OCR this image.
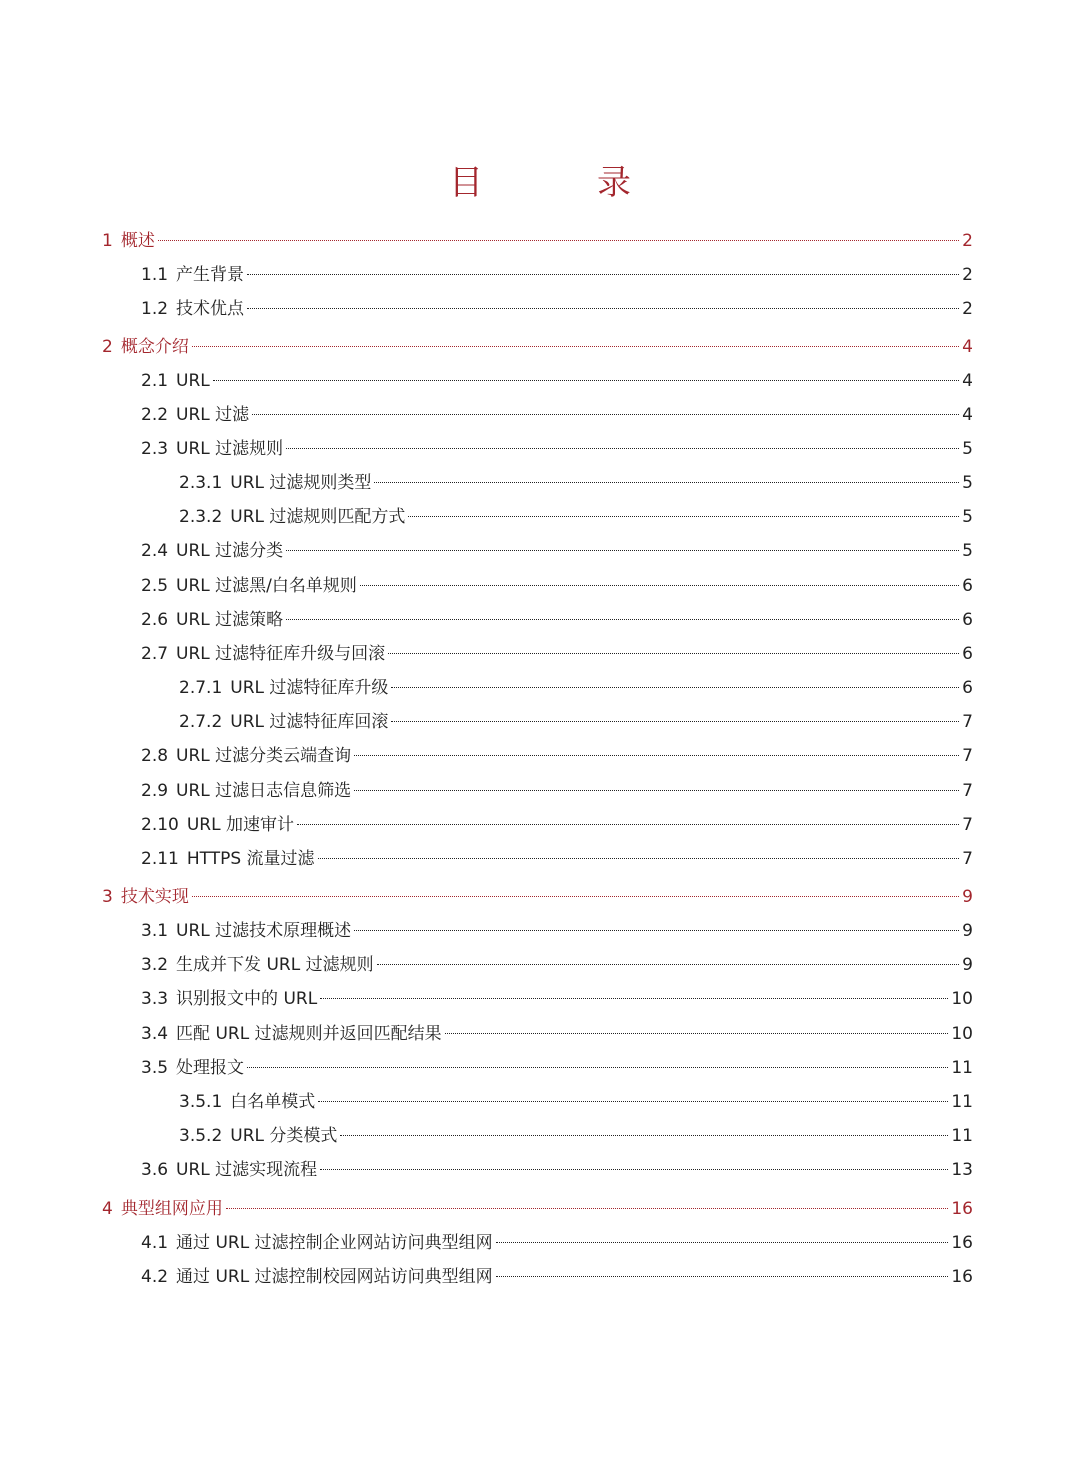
目　录
1 概述	2
1.1 产生背景	2
1.2 技术优点	2
2 概念介绍	4
2.1 URL	4
2.2 URL 过滤	4
2.3 URL 过滤规则	5
2.3.1 URL 过滤规则类型	5
2.3.2 URL 过滤规则匹配方式	5
2.4 URL 过滤分类	5
2.5 URL 过滤黑/白名单规则	6
2.6 URL 过滤策略	6
2.7 URL 过滤特征库升级与回滚	6
2.7.1 URL 过滤特征库升级	6
2.7.2 URL 过滤特征库回滚	7
2.8 URL 过滤分类云端查询	7
2.9 URL 过滤日志信息筛选	7
2.10 URL 加速审计	7
2.11 HTTPS 流量过滤	7
3 技术实现	9
3.1 URL 过滤技术原理概述	9
3.2 生成并下发 URL 过滤规则	9
3.3 识别报文中的 URL	10
3.4 匹配 URL 过滤规则并返回匹配结果	10
3.5 处理报文	11
3.5.1 白名单模式	11
3.5.2 URL 分类模式	11
3.6 URL 过滤实现流程	13
4 典型组网应用	16
4.1 通过 URL 过滤控制企业网站访问典型组网	16
4.2 通过 URL 过滤控制校园网站访问典型组网	16
